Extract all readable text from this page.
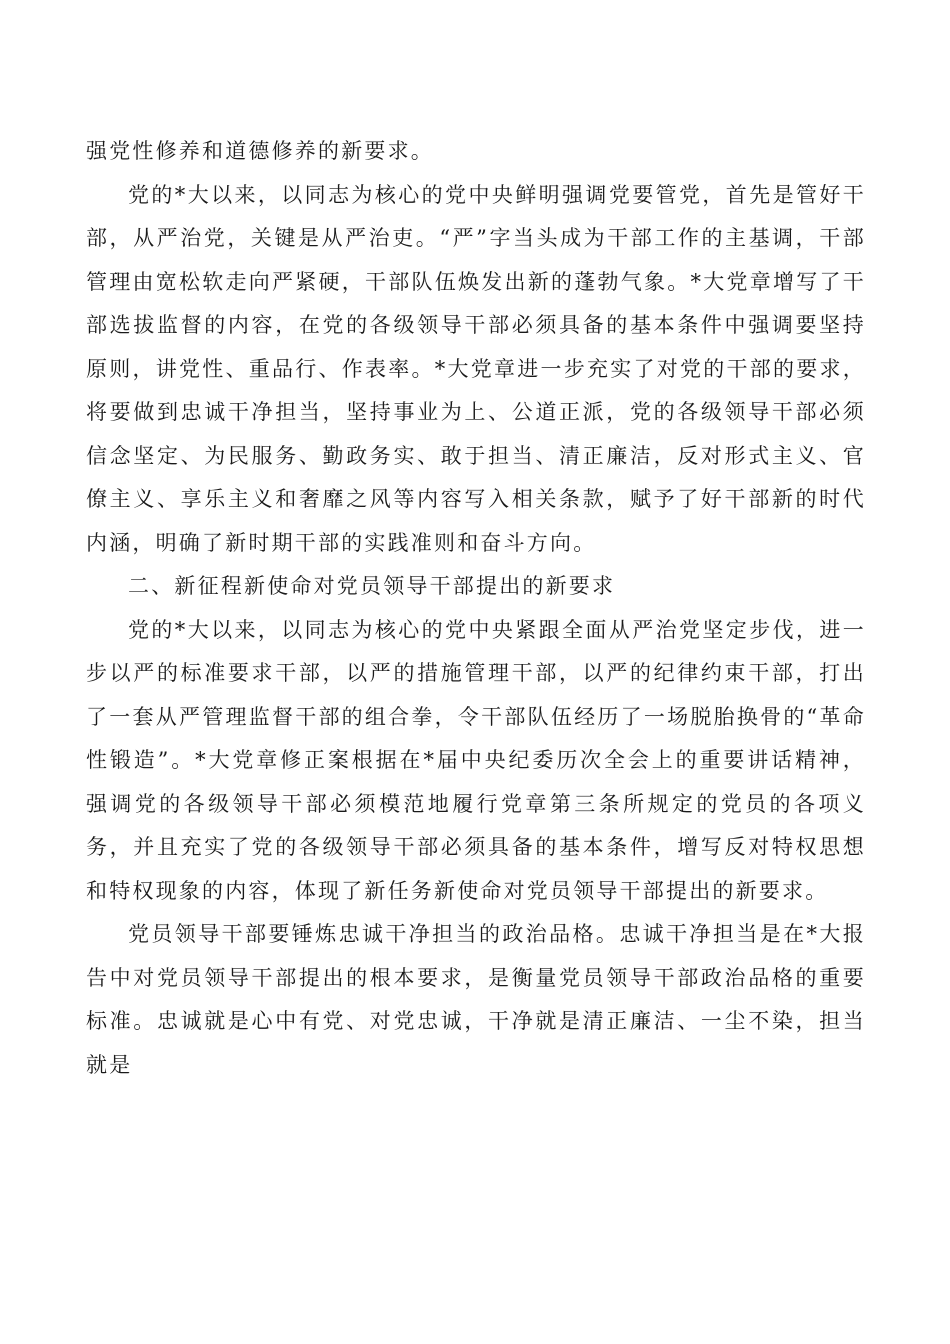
强党性修养和道德修养的新要求。

党的*大以来，以同志为核心的党中央鲜明强调党要管党，首先是管好干部，从严治党，关键是从严治吏。“严”字当头成为干部工作的主基调，干部管理由宽松软走向严紧硬，干部队伍焕发出新的蓬勃气象。*大党章增写了干部选拔监督的内容，在党的各级领导干部必须具备的基本条件中强调要坚持原则，讲党性、重品行、作表率。*大党章进一步充实了对党的干部的要求，将要做到忠诚干净担当，坚持事业为上、公道正派，党的各级领导干部必须信念坚定、为民服务、勤政务实、敢于担当、清正廉洁，反对形式主义、官僚主义、享乐主义和奢靡之风等内容写入相关条款，赋予了好干部新的时代内涵，明确了新时期干部的实践准则和奋斗方向。

二、新征程新使命对党员领导干部提出的新要求

党的*大以来，以同志为核心的党中央紧跟全面从严治党坚定步伐，进一步以严的标准要求干部，以严的措施管理干部，以严的纪律约束干部，打出了一套从严管理监督干部的组合拳，令干部队伍经历了一场脱胎换骨的“革命性锻造”。*大党章修正案根据在*届中央纪委历次全会上的重要讲话精神，强调党的各级领导干部必须模范地履行党章第三条所规定的党员的各项义务，并且充实了党的各级领导干部必须具备的基本条件，增写反对特权思想和特权现象的内容，体现了新任务新使命对党员领导干部提出的新要求。

党员领导干部要锤炼忠诚干净担当的政治品格。忠诚干净担当是在*大报告中对党员领导干部提出的根本要求，是衡量党员领导干部政治品格的重要标准。忠诚就是心中有党、对党忠诚，干净就是清正廉洁、一尘不染，担当就是
